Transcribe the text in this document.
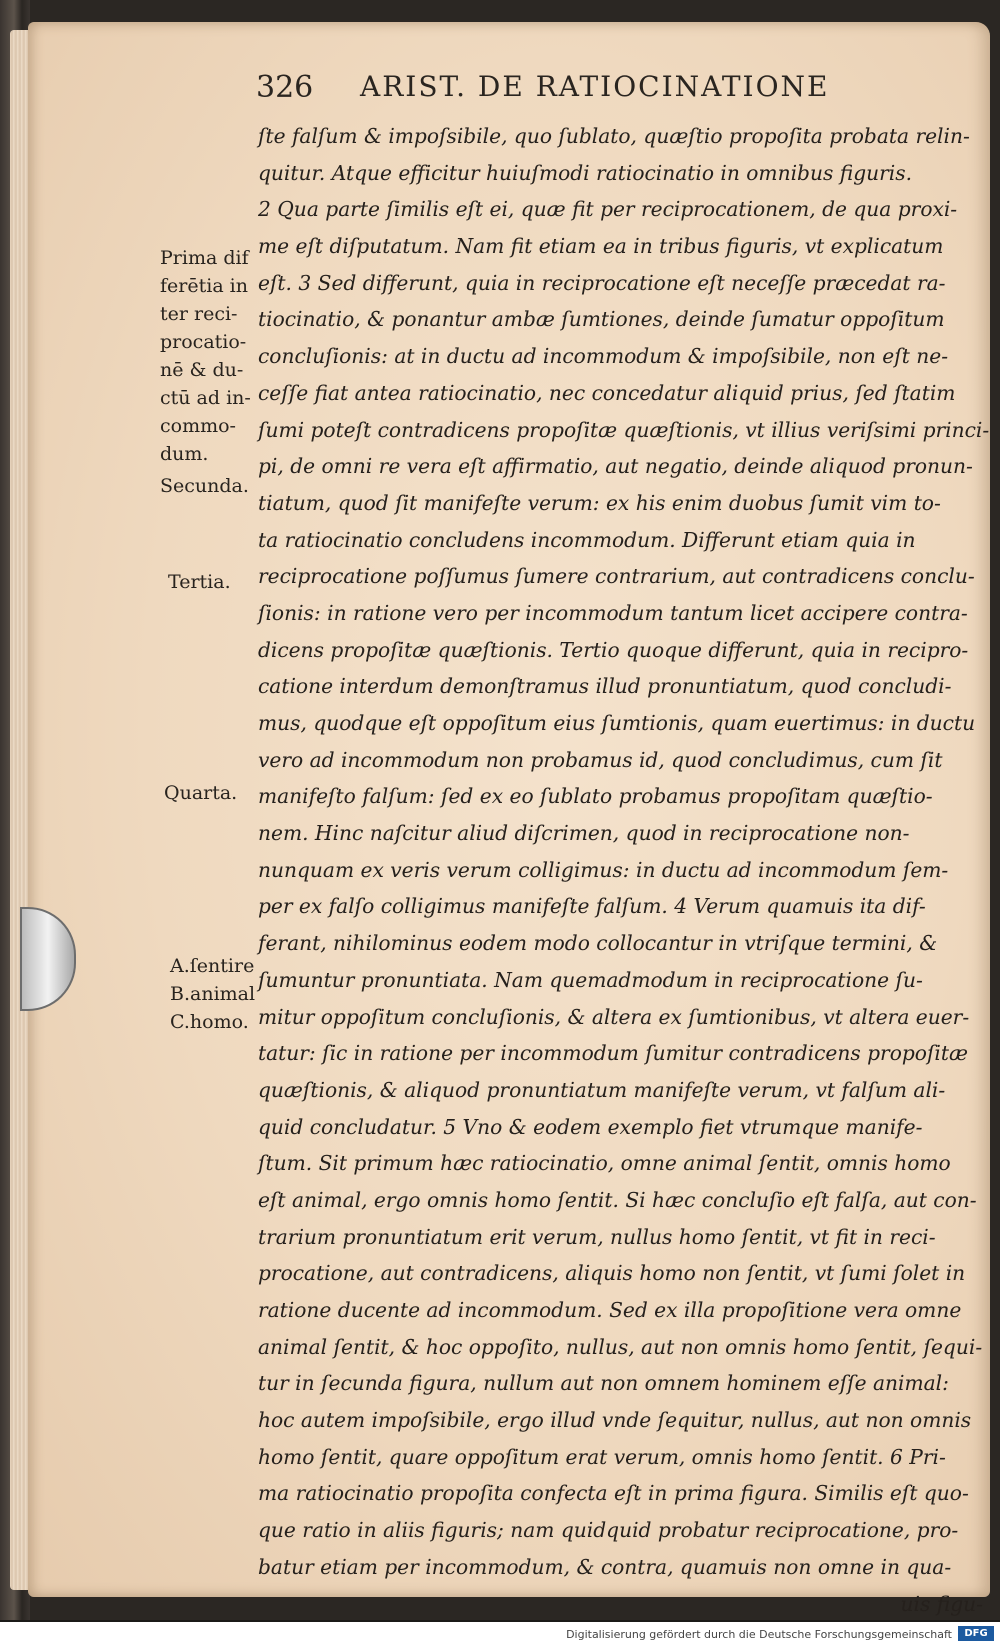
326 ARIST. DE RATIOCINATIONE
Prima dif
ferētia in
ter reci-
procatio-
nē & du-
ctū ad in-
commo-
dum.
Secunda.
Tertia.
Quarta.
A.ſentire
B.animal
C.homo.
ſte falſum & impoſsibile, quo ſublato, quæſtio propoſita probata relin-
quitur. Atque efficitur huiuſmodi ratiocinatio in omnibus figuris.
2 Qua parte ſimilis eſt ei, quæ fit per reciprocationem, de qua proxi-
me eſt diſputatum. Nam fit etiam ea in tribus figuris, vt explicatum
eſt. 3 Sed differunt, quia in reciprocatione eſt neceſſe præcedat ra-
tiocinatio, & ponantur ambæ ſumtiones, deinde ſumatur oppoſitum
concluſionis: at in ductu ad incommodum & impoſsibile, non eſt ne-
ceſſe fiat antea ratiocinatio, nec concedatur aliquid prius, ſed ſtatim
ſumi poteſt contradicens propoſitæ quæſtionis, vt illius veriſsimi princi-
pi, de omni re vera eſt affirmatio, aut negatio, deinde aliquod pronun-
tiatum, quod ſit manifeſte verum: ex his enim duobus ſumit vim to-
ta ratiocinatio concludens incommodum. Differunt etiam quia in
reciprocatione poſſumus ſumere contrarium, aut contradicens conclu-
ſionis: in ratione vero per incommodum tantum licet accipere contra-
dicens propoſitæ quæſtionis. Tertio quoque differunt, quia in recipro-
catione interdum demonſtramus illud pronuntiatum, quod concludi-
mus, quodque eſt oppoſitum eius ſumtionis, quam euertimus: in ductu
vero ad incommodum non probamus id, quod concludimus, cum ſit
manifeſto falſum: ſed ex eo ſublato probamus propoſitam quæſtio-
nem. Hinc naſcitur aliud diſcrimen, quod in reciprocatione non-
nunquam ex veris verum colligimus: in ductu ad incommodum ſem-
per ex falſo colligimus manifeſte falſum. 4 Verum quamuis ita dif-
ferant, nihilominus eodem modo collocantur in vtriſque termini, &
ſumuntur pronuntiata. Nam quemadmodum in reciprocatione ſu-
mitur oppoſitum concluſionis, & altera ex ſumtionibus, vt altera euer-
tatur: ſic in ratione per incommodum ſumitur contradicens propoſitæ
quæſtionis, & aliquod pronuntiatum manifeſte verum, vt falſum ali-
quid concludatur. 5 Vno & eodem exemplo fiet vtrumque manife-
ſtum. Sit primum hæc ratiocinatio, omne animal ſentit, omnis homo
eſt animal, ergo omnis homo ſentit. Si hæc concluſio eſt falſa, aut con-
trarium pronuntiatum erit verum, nullus homo ſentit, vt fit in reci-
procatione, aut contradicens, aliquis homo non ſentit, vt ſumi ſolet in
ratione ducente ad incommodum. Sed ex illa propoſitione vera omne
animal ſentit, & hoc oppoſito, nullus, aut non omnis homo ſentit, ſequi-
tur in ſecunda figura, nullum aut non omnem hominem eſſe animal:
hoc autem impoſsibile, ergo illud vnde ſequitur, nullus, aut non omnis
homo ſentit, quare oppoſitum erat verum, omnis homo ſentit. 6 Pri-
ma ratiocinatio propoſita confecta eſt in prima figura. Similis eſt quo-
que ratio in aliis figuris; nam quidquid probatur reciprocatione, pro-
batur etiam per incommodum, & contra, quamuis non omne in qua-
uis figu-
Digitalisierung gefördert durch die Deutsche Forschungsgemeinschaft	DFG
